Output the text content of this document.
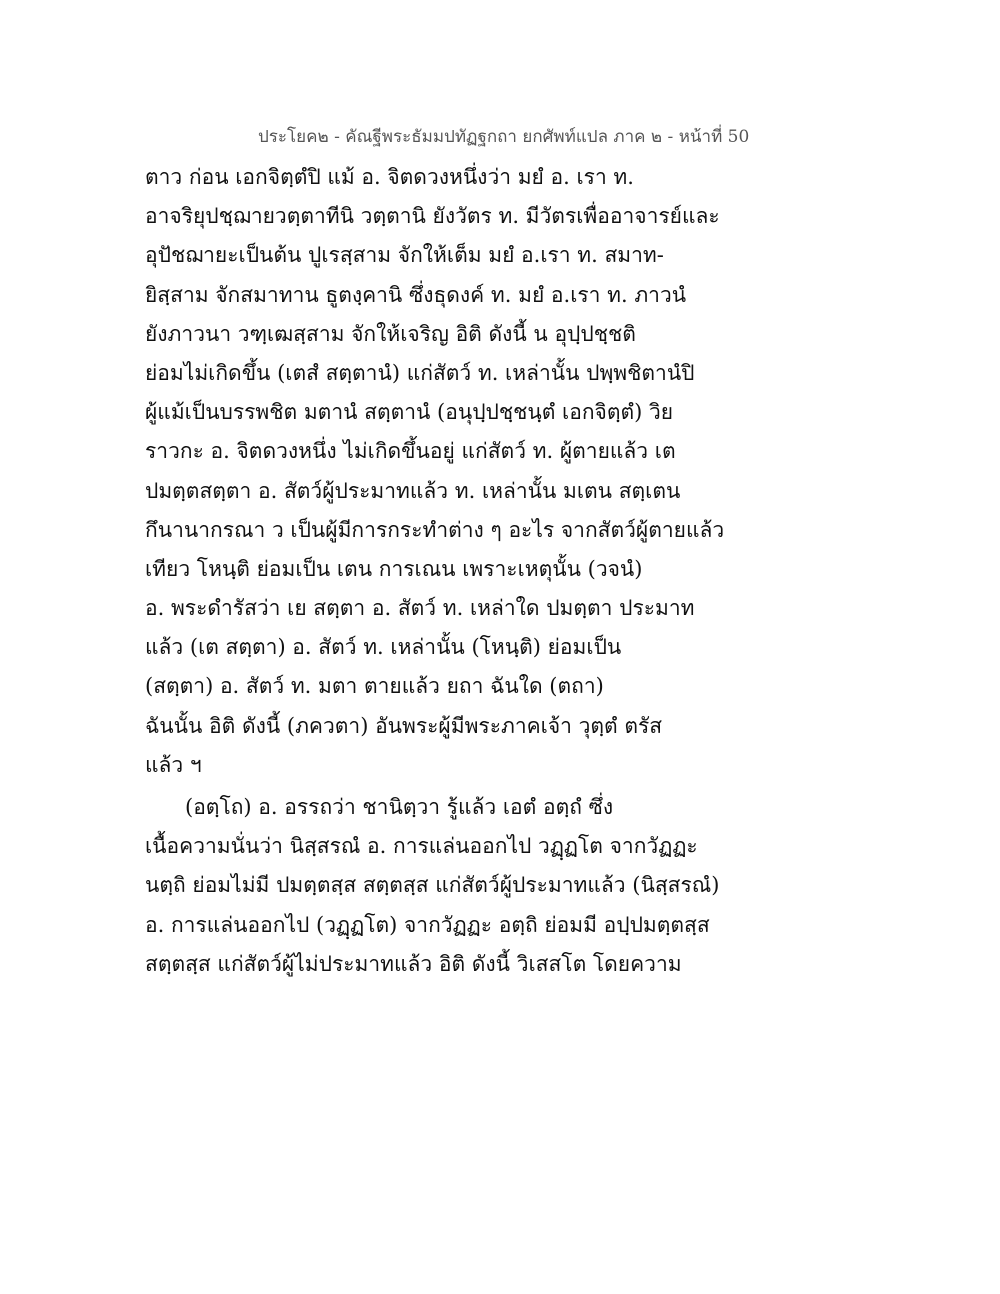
ประโยค๒ - คัณฐีพระธัมมปทัฏฐกถา ยกศัพท์แปล ภาค ๒ - หน้าที่ 50
ตาว ก่อน เอกจิตฺตํปิ แม้ อ. จิตดวงหนึ่งว่า มยํ อ. เรา ท.
อาจริยุปชฺฌายวตฺตาทีนิ วตฺตานิ ยังวัตร ท. มีวัตรเพื่ออาจารย์และ
อุปัชฌายะเป็นต้น ปูเรสฺสาม จักให้เต็ม มยํ อ.เรา ท. สมาท-
ยิสฺสาม จักสมาทาน ธูตงฺคานิ ซึ่งธุดงค์ ท. มยํ อ.เรา ท. ภาวนํ
ยังภาวนา วฑฺเฒสฺสาม จักให้เจริญ อิติ ดังนี้ น อุปฺปชฺชติ
ย่อมไม่เกิดขึ้น (เตสํ สตฺตานํ) แก่สัตว์ ท. เหล่านั้น ปพฺพชิตานํปิ
ผู้แม้เป็นบรรพชิต มตานํ สตฺตานํ (อนุปฺปชฺชนฺตํ เอกจิตฺตํ) วิย
ราวกะ อ. จิตดวงหนึ่ง ไม่เกิดขึ้นอยู่ แก่สัตว์ ท. ผู้ตายแล้ว เต
ปมตฺตสตฺตา อ. สัตว์ผู้ประมาทแล้ว ท. เหล่านั้น มเตน สตฺเตน
กึนานากรณา ว เป็นผู้มีการกระทำต่าง ๆ อะไร จากสัตว์ผู้ตายแล้ว
เทียว โหนฺติ ย่อมเป็น เตน การเณน เพราะเหตุนั้น (วจนํ)
อ. พระดำรัสว่า เย สตฺตา อ. สัตว์ ท. เหล่าใด ปมตฺตา ประมาท
แล้ว (เต สตฺตา) อ. สัตว์ ท. เหล่านั้น (โหนฺติ) ย่อมเป็น
(สตฺตา) อ. สัตว์ ท. มตา ตายแล้ว ยถา ฉันใด (ตถา)
ฉันนั้น อิติ ดังนี้ (ภควตา) อันพระผู้มีพระภาคเจ้า วุตฺตํ ตรัส
แล้ว ฯ
(อตฺโถ) อ. อรรถว่า ชานิตฺวา รู้แล้ว เอตํ อตฺถํ ซึ่ง
เนื้อความนั่นว่า นิสฺสรณํ อ. การแล่นออกไป วฏฺฏโต จากวัฏฏะ
นตฺถิ ย่อมไม่มี ปมตฺตสฺส สตฺตสฺส แก่สัตว์ผู้ประมาทแล้ว (นิสฺสรณํ)
อ. การแล่นออกไป (วฏฺฏโต) จากวัฏฏะ อตฺถิ ย่อมมี อปฺปมตฺตสฺส
สตฺตสฺส แก่สัตว์ผู้ไม่ประมาทแล้ว อิติ ดังนี้ วิเสสโต โดยความ
